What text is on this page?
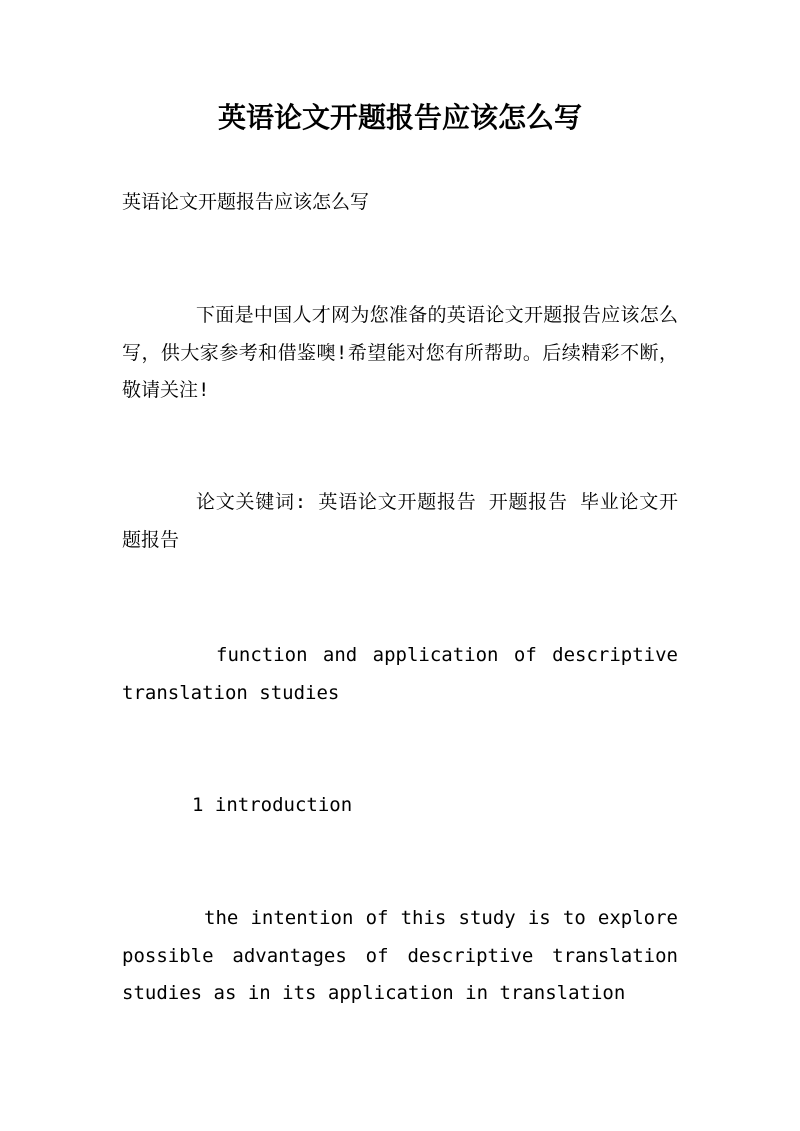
英语论文开题报告应该怎么写

英语论文开题报告应该怎么写

下面是中国人才网为您准备的英语论文开题报告应该怎么写，供大家参考和借鉴噢!希望能对您有所帮助。后续精彩不断，敬请关注!

论文关键词: 英语论文开题报告 开题报告 毕业论文开题报告

function and application of descriptive translation studies

1 introduction

the intention of this study is to explore possible advantages of descriptive translation studies as in its application in translation
